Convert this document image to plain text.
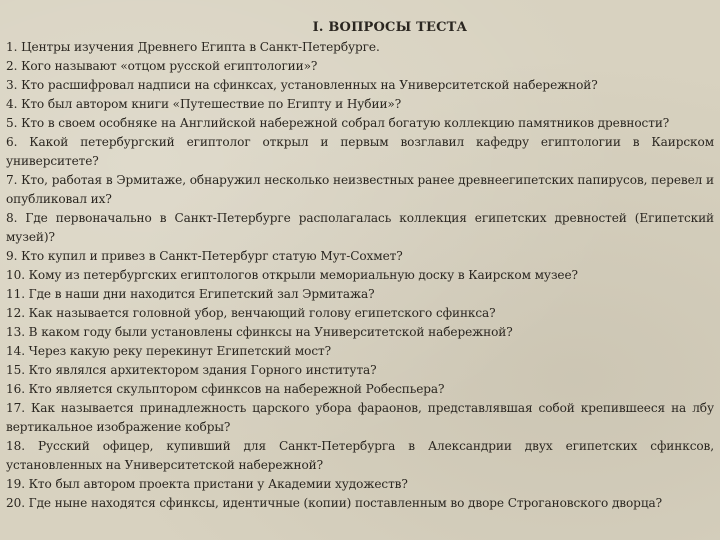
I. ВОПРОСЫ ТЕСТА
1. Центры изучения Древнего Египта в Санкт-Петербурге.
2. Кого называют «отцом русской египтологии»?
3. Кто расшифровал надписи на сфинксах, установленных на Университетской набережной?
4. Кто был автором книги «Путешествие по Египту и Нубии»?
5. Кто в своем особняке на Английской набережной собрал богатую коллекцию памятников древности?
6. Какой петербургский египтолог открыл и первым возглавил кафедру египтологии в Каирском университете?
7. Кто, работая в Эрмитаже, обнаружил несколько неизвестных ранее древнеегипетских папирусов, перевел и опубликовал их?
8. Где первоначально в Санкт-Петербурге располагалась коллекция египетских древностей (Египетский музей)?
9. Кто купил и привез в Санкт-Петербург статую Мут-Сохмет?
10. Кому из петербургских египтологов открыли мемориальную доску в Каирском музее?
11. Где в наши дни находится Египетский зал Эрмитажа?
12. Как называется головной убор, венчающий голову египетского сфинкса?
13. В каком году были установлены сфинксы на Университетской набережной?
14. Через какую реку перекинут Египетский мост?
15. Кто являлся архитектором здания Горного института?
16. Кто является скульптором сфинксов на набережной Робеспьера?
17. Как называется принадлежность царского убора фараонов, представлявшая собой крепившееся на лбу вертикальное изображение кобры?
18. Русский офицер, купивший для Санкт-Петербурга в Александрии двух египетских сфинксов, установленных на Университетской набережной?
19. Кто был автором проекта пристани у Академии художеств?
20. Где ныне находятся сфинксы, идентичные (копии) поставленным во дворе Строгановского дворца?
